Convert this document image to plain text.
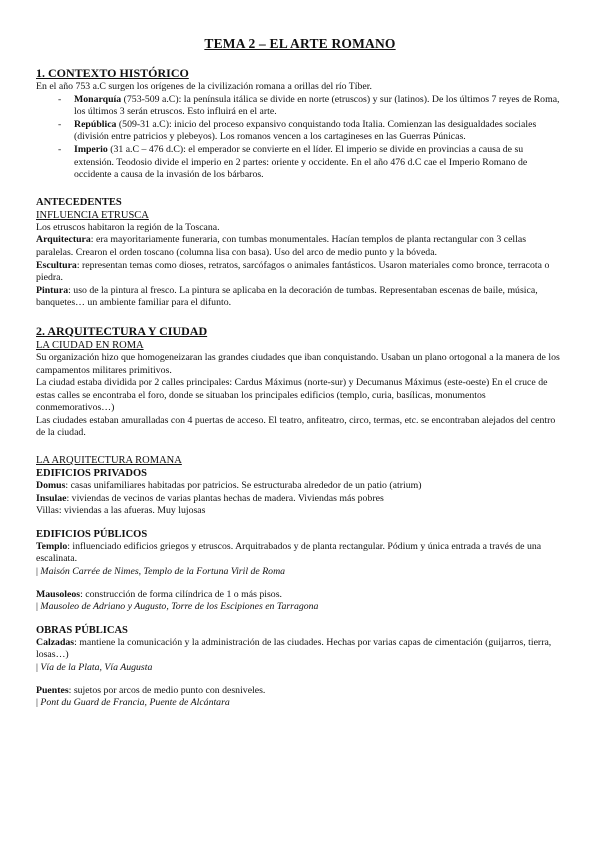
TEMA 2 – EL ARTE ROMANO
1. CONTEXTO HISTÓRICO

En el año 753 a.C surgen los orígenes de la civilización romana a orillas del río Tíber.

- Monarquía (753-509 a.C): la península itálica se divide en norte (etruscos) y sur (latinos). De los últimos 7 reyes de Roma, los últimos 3 serán etruscos. Esto influirá en el arte.
- República (509-31 a.C): inicio del proceso expansivo conquistando toda Italia. Comienzan las desigualdades sociales (división entre patricios y plebeyos). Los romanos vencen a los cartagineses en las Guerras Púnicas.
- Imperio (31 a.C – 476 d.C): el emperador se convierte en el líder. El imperio se divide en provincias a causa de su extensión. Teodosio divide el imperio en 2 partes: oriente y occidente. En el año 476 d.C cae el Imperio Romano de occidente a causa de la invasión de los bárbaros.
ANTECEDENTES
INFLUENCIA ETRUSCA

Los etruscos habitaron la región de la Toscana.

Arquitectura: era mayoritariamente funeraria, con tumbas monumentales. Hacían templos de planta rectangular con 3 cellas paralelas. Crearon el orden toscano (columna lisa con basa). Uso del arco de medio punto y la bóveda.

Escultura: representan temas como dioses, retratos, sarcófagos o animales fantásticos. Usaron materiales como bronce, terracota o piedra.

Pintura: uso de la pintura al fresco. La pintura se aplicaba en la decoración de tumbas. Representaban escenas de baile, música, banquetes… un ambiente familiar para el difunto.

2. ARQUITECTURA Y CIUDAD
LA CIUDAD EN ROMA

Su organización hizo que homogeneizaran las grandes ciudades que iban conquistando. Usaban un plano ortogonal a la manera de los campamentos militares primitivos.

La ciudad estaba dividida por 2 calles principales: Cardus Máximus (norte-sur) y Decumanus Máximus (este-oeste) En el cruce de estas calles se encontraba el foro, donde se situaban los principales edificios (templo, curia, basílicas, monumentos conmemorativos…)

Las ciudades estaban amuralladas con 4 puertas de acceso. El teatro, anfiteatro, circo, termas, etc. se encontraban alejados del centro de la ciudad.

LA ARQUITECTURA ROMANA
EDIFICIOS PRIVADOS

Domus: casas unifamiliares habitadas por patricios. Se estructuraba alrededor de un patio (atrium)

Insulae: viviendas de vecinos de varias plantas hechas de madera. Viviendas más pobres

Villas: viviendas a las afueras. Muy lujosas

EDIFICIOS PÚBLICOS

Templo: influenciado edificios griegos y etruscos. Arquitrabados y de planta rectangular. Pódium y única entrada a través de una escalinata.

| Maisón Carrée de Nimes, Templo de la Fortuna Viril de Roma

Mausoleos: construcción de forma cilíndrica de 1 o más pisos.

| Mausoleo de Adriano y Augusto, Torre de los Escipiones en Tarragona

OBRAS PÚBLICAS

Calzadas: mantiene la comunicación y la administración de las ciudades. Hechas por varias capas de cimentación (guijarros, tierra, losas…)

| Vía de la Plata, Vía Augusta

Puentes: sujetos por arcos de medio punto con desniveles.

| Pont du Guard de Francia, Puente de Alcántara
